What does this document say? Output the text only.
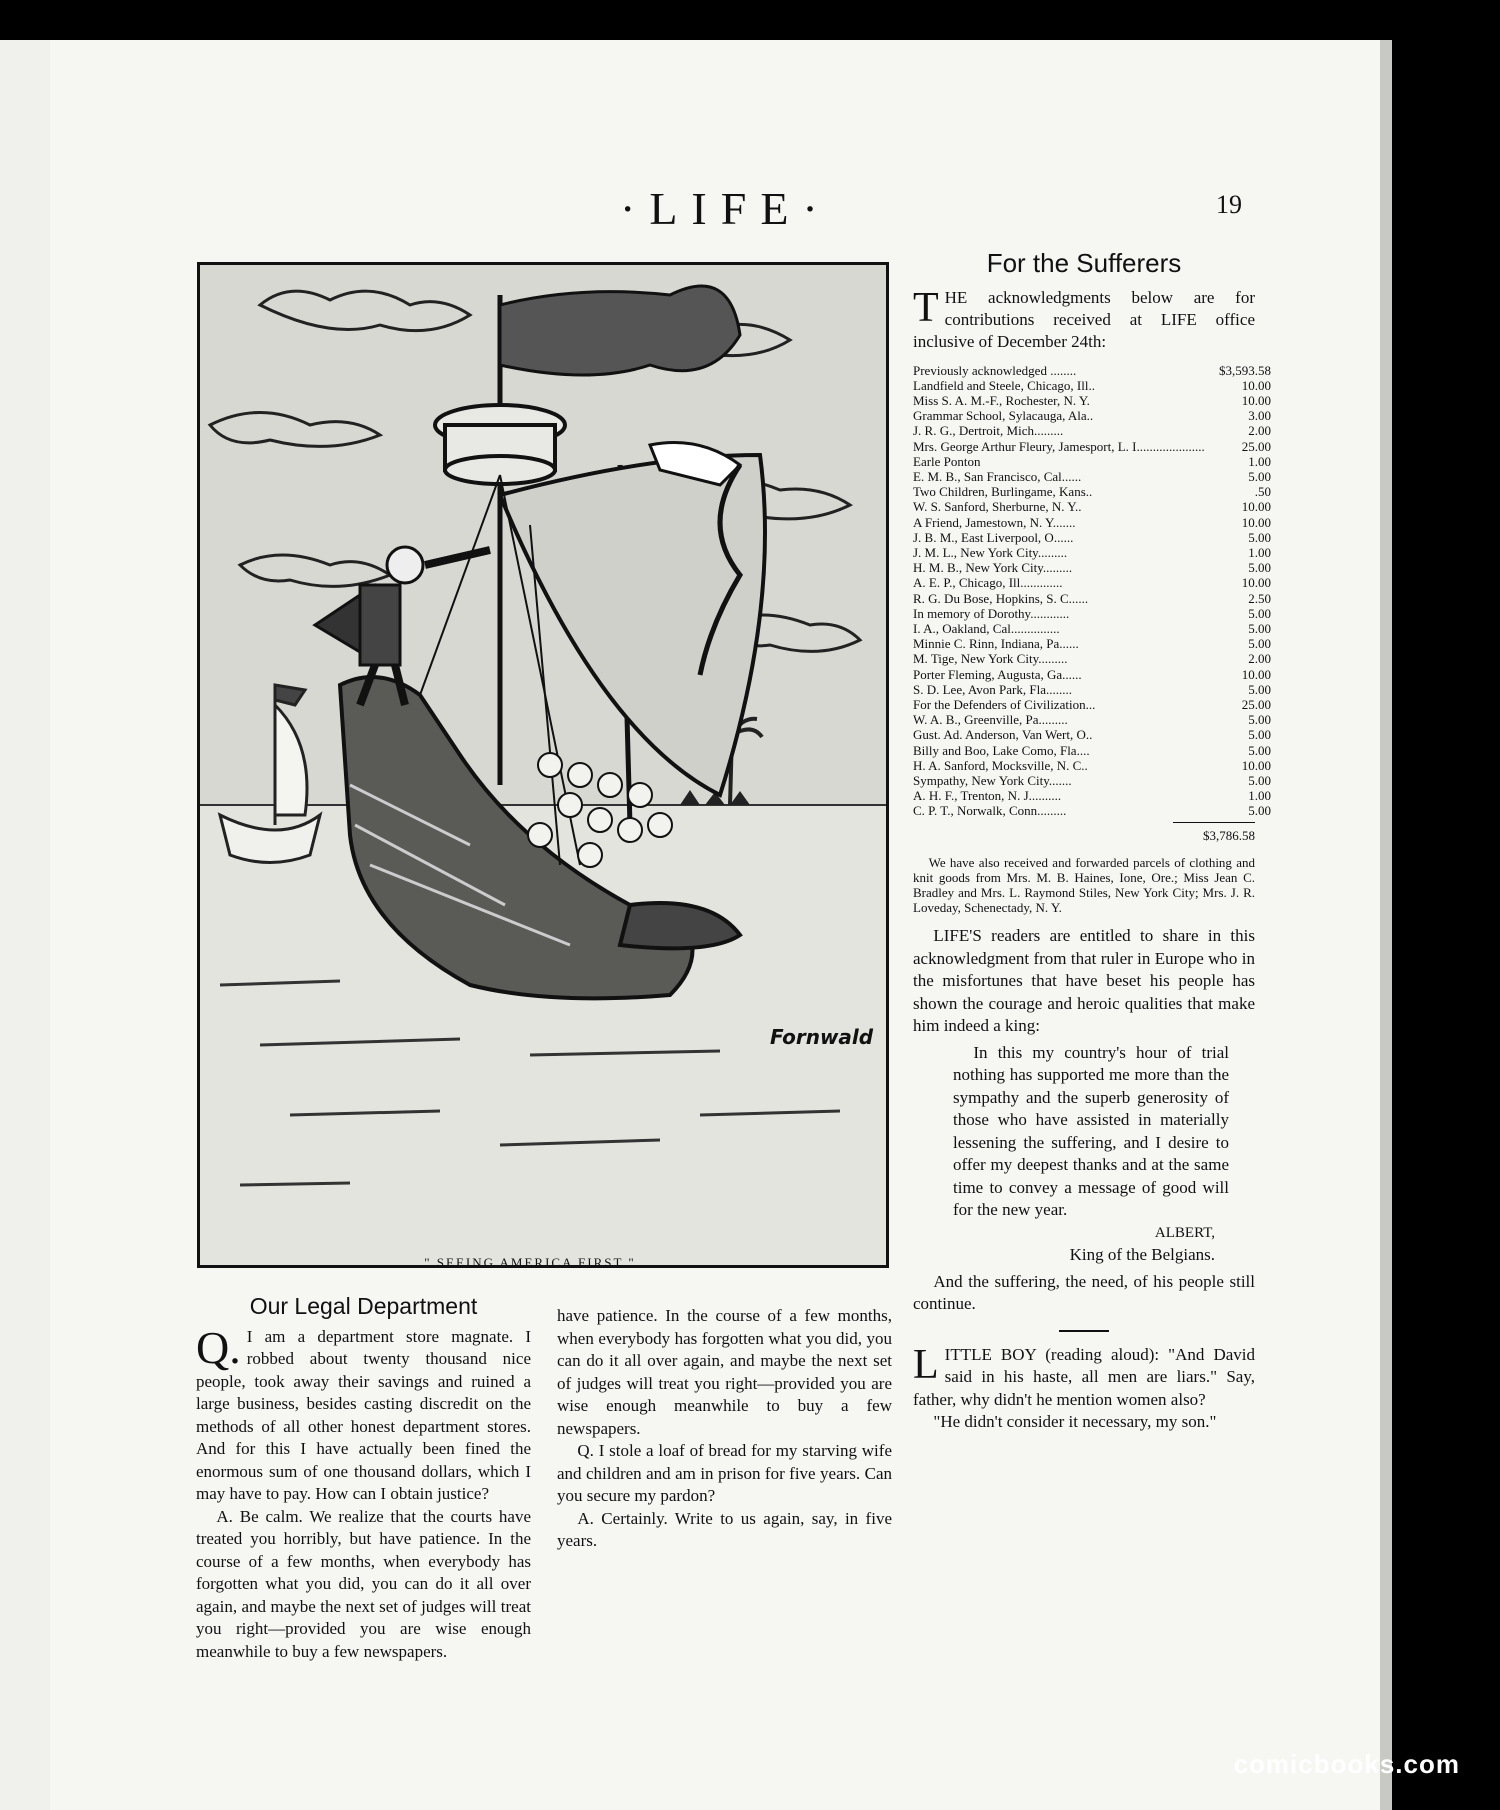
·LIFE·	19
Fornwald
" SEEING AMERICA FIRST "
Our Legal Department

Q. I am a department store magnate. I robbed about twenty thousand nice people, took away their savings and ruined a large business, besides casting discredit on the methods of all other honest department stores. And for this I have actually been fined the enormous sum of one thousand dollars, which I may have to pay. How can I obtain justice?

A. Be calm. We realize that the courts have treated you horribly, but have patience. In the course of a few months, when everybody has forgotten what you did, you can do it all over again, and maybe the next set of judges will treat you right—provided you are wise enough meanwhile to buy a few newspapers.

have patience. In the course of a few months, when everybody has forgotten what you did, you can do it all over again, and maybe the next set of judges will treat you right—provided you are wise enough meanwhile to buy a few newspapers.

Q. I stole a loaf of bread for my starving wife and children and am in prison for five years. Can you secure my pardon?

A. Certainly. Write to us again, say, in five years.

For the Sufferers

T HE acknowledgments below are for contributions received at LIFE office inclusive of December 24th:

Previously acknowledged ........	$3,593.58
Landfield and Steele, Chicago, Ill..	10.00
Miss S. A. M.-F., Rochester, N. Y.	10.00
Grammar School, Sylacauga, Ala..	3.00
J. R. G., Dertroit, Mich.........	2.00
Mrs. George Arthur Fleury, Jamesport, L. I.....................	25.00
Earle Ponton	1.00
E. M. B., San Francisco, Cal......	5.00
Two Children, Burlingame, Kans..	.50
W. S. Sanford, Sherburne, N. Y..	10.00
A Friend, Jamestown, N. Y.......	10.00
J. B. M., East Liverpool, O......	5.00
J. M. L., New York City.........	1.00
H. M. B., New York City.........	5.00
A. E. P., Chicago, Ill.............	10.00
R. G. Du Bose, Hopkins, S. C......	2.50
In memory of Dorothy............	5.00
I. A., Oakland, Cal...............	5.00
Minnie C. Rinn, Indiana, Pa......	5.00
M. Tige, New York City.........	2.00
Porter Fleming, Augusta, Ga......	10.00
S. D. Lee, Avon Park, Fla........	5.00
For the Defenders of Civilization...	25.00
W. A. B., Greenville, Pa.........	5.00
Gust. Ad. Anderson, Van Wert, O..	5.00
Billy and Boo, Lake Como, Fla....	5.00
H. A. Sanford, Mocksville, N. C..	10.00
Sympathy, New York City.......	5.00
A. H. F., Trenton, N. J..........	1.00
C. P. T., Norwalk, Conn.........	5.00
$3,786.58

We have also received and forwarded parcels of clothing and knit goods from Mrs. M. B. Haines, Ione, Ore.; Miss Jean C. Bradley and Mrs. L. Raymond Stiles, New York City; Mrs. J. R. Loveday, Schenectady, N. Y.

LIFE'S readers are entitled to share in this acknowledgment from that ruler in Europe who in the misfortunes that have beset his people has shown the courage and heroic qualities that make him indeed a king:

In this my country's hour of trial nothing has supported me more than the sympathy and the superb generosity of those who have assisted in materially lessening the suffering, and I desire to offer my deepest thanks and at the same time to convey a message of good will for the new year.

ALBERT,

King of the Belgians.

And the suffering, the need, of his people still continue.

L ITTLE BOY (reading aloud): "And David said in his haste, all men are liars." Say, father, why didn't he mention women also?

"He didn't consider it necessary, my son."

comicbooks.com
